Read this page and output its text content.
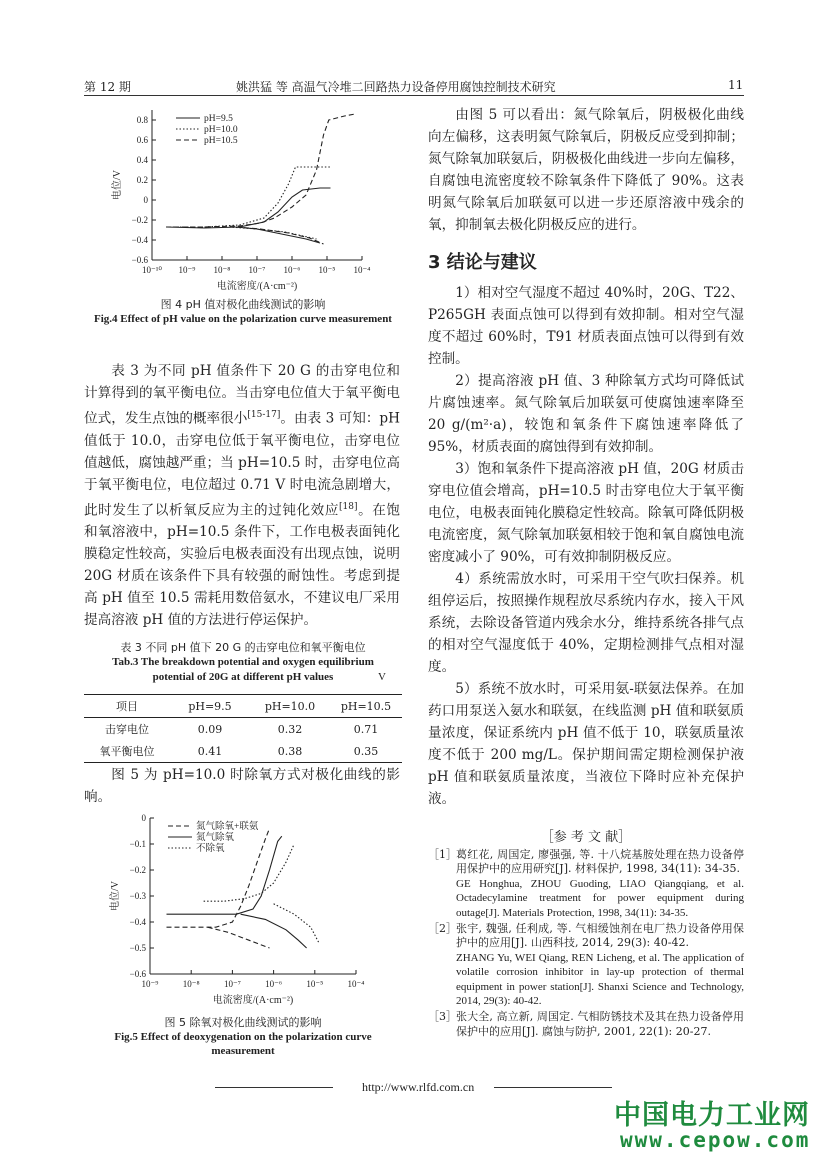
第 12 期	姚洪猛 等 高温气冷堆二回路热力设备停用腐蚀控制技术研究	11
−0.6
−0.4
−0.2
0
0.2
0.4
0.6
0.8
10⁻¹⁰ 10⁻⁹ 10⁻⁸ 10⁻⁷ 10⁻⁶ 10⁻⁵ 10⁻⁴
电流密度/(A·cm⁻²)
电位/V
pH=9.5
pH=10.0
pH=10.5
图 4 pH 值对极化曲线测试的影响
Fig.4 Effect of pH value on the polarization curve measurement

表 3 为不同 pH 值条件下 20 G 的击穿电位和计算得到的氧平衡电位。当击穿电位值大于氧平衡电位式，发生点蚀的概率很小[15-17]。由表 3 可知：pH 值低于 10.0，击穿电位低于氧平衡电位，击穿电位值越低，腐蚀越严重；当 pH=10.5 时，击穿电位高于氧平衡电位，电位超过 0.71 V 时电流急剧增大，此时发生了以析氧反应为主的过钝化效应[18]。在饱和氧溶液中，pH=10.5 条件下，工作电极表面钝化膜稳定性较高，实验后电极表面没有出现点蚀，说明 20G 材质在该条件下具有较强的耐蚀性。考虑到提高 pH 值至 10.5 需耗用数倍氨水，不建议电厂采用提高溶液 pH 值的方法进行停运保护。

表 3 不同 pH 值下 20 G 的击穿电位和氧平衡电位
Tab.3 The breakdown potential and oxygen equilibrium
potential of 20G at different pH values	V
项目	pH=9.5	pH=10.0	pH=10.5
击穿电位	0.09	0.32	0.71
氧平衡电位	0.41	0.38	0.35

图 5 为 pH=10.0 时除氧方式对极化曲线的影响。

−0.6
−0.5
−0.4
−0.3
−0.2
−0.1
0
10⁻⁹	10⁻⁸	10⁻⁷	10⁻⁶	10⁻⁵	10⁻⁴
电流密度/(A·cm⁻²)
电位/V
氮气除氧+联氨
氮气除氧
不除氧
图 5 除氧对极化曲线测试的影响
Fig.5 Effect of deoxygenation on the polarization curve measurement

由图 5 可以看出：氮气除氧后，阴极极化曲线向左偏移，这表明氮气除氧后，阴极反应受到抑制；氮气除氧加联氨后，阴极极化曲线进一步向左偏移，自腐蚀电流密度较不除氧条件下降低了 90%。这表明氮气除氧后加联氨可以进一步还原溶液中残余的氧，抑制氧去极化阴极反应的进行。

3 结论与建议

1）相对空气湿度不超过 40%时，20G、T22、P265GH 表面点蚀可以得到有效抑制。相对空气湿度不超过 60%时，T91 材质表面点蚀可以得到有效控制。

2）提高溶液 pH 值、3 种除氧方式均可降低试片腐蚀速率。氮气除氧后加联氨可使腐蚀速率降至 20 g/(m²·a)，较饱和氧条件下腐蚀速率降低了 95%，材质表面的腐蚀得到有效抑制。

3）饱和氧条件下提高溶液 pH 值，20G 材质击穿电位值会增高，pH=10.5 时击穿电位大于氧平衡电位，电极表面钝化膜稳定性较高。除氧可降低阴极电流密度，氮气除氧加联氨相较于饱和氧自腐蚀电流密度减小了 90%，可有效抑制阴极反应。

4）系统需放水时，可采用干空气吹扫保养。机组停运后，按照操作规程放尽系统内存水，接入干风系统，去除设备管道内残余水分，维持系统各排气点的相对空气湿度低于 40%，定期检测排气点相对湿度。

5）系统不放水时，可采用氨-联氨法保养。在加药口用泵送入氨水和联氨，在线监测 pH 值和联氨质量浓度，保证系统内 pH 值不低于 10，联氨质量浓度不低于 200 mg/L。保护期间需定期检测保护液 pH 值和联氨质量浓度，当液位下降时应补充保护液。

［参 考 文 献］
［1］ 葛红花, 周国定, 廖强强, 等. 十八烷基胺处理在热力设备停用保护中的应用研究[J]. 材料保护, 1998, 34(11): 34-35.
GE Honghua, ZHOU Guoding, LIAO Qiangqiang, et al. Octadecylamine treatment for power equipment during outage[J]. Materials Protection, 1998, 34(11): 34-35.
［2］ 张宇, 魏强, 任利成, 等. 气相缓蚀剂在电厂热力设备停用保护中的应用[J]. 山西科技, 2014, 29(3): 40-42.
ZHANG Yu, WEI Qiang, REN Licheng, et al. The application of volatile corrosion inhibitor in lay-up protection of thermal equipment in power station[J]. Shanxi Science and Technology, 2014, 29(3): 40-42.
［3］ 张大全, 高立新, 周国定. 气相防锈技术及其在热力设备停用保护中的应用[J]. 腐蚀与防护, 2001, 22(1): 20-27.
http://www.rlfd.com.cn
中国电力工业网
www.cepow.com
